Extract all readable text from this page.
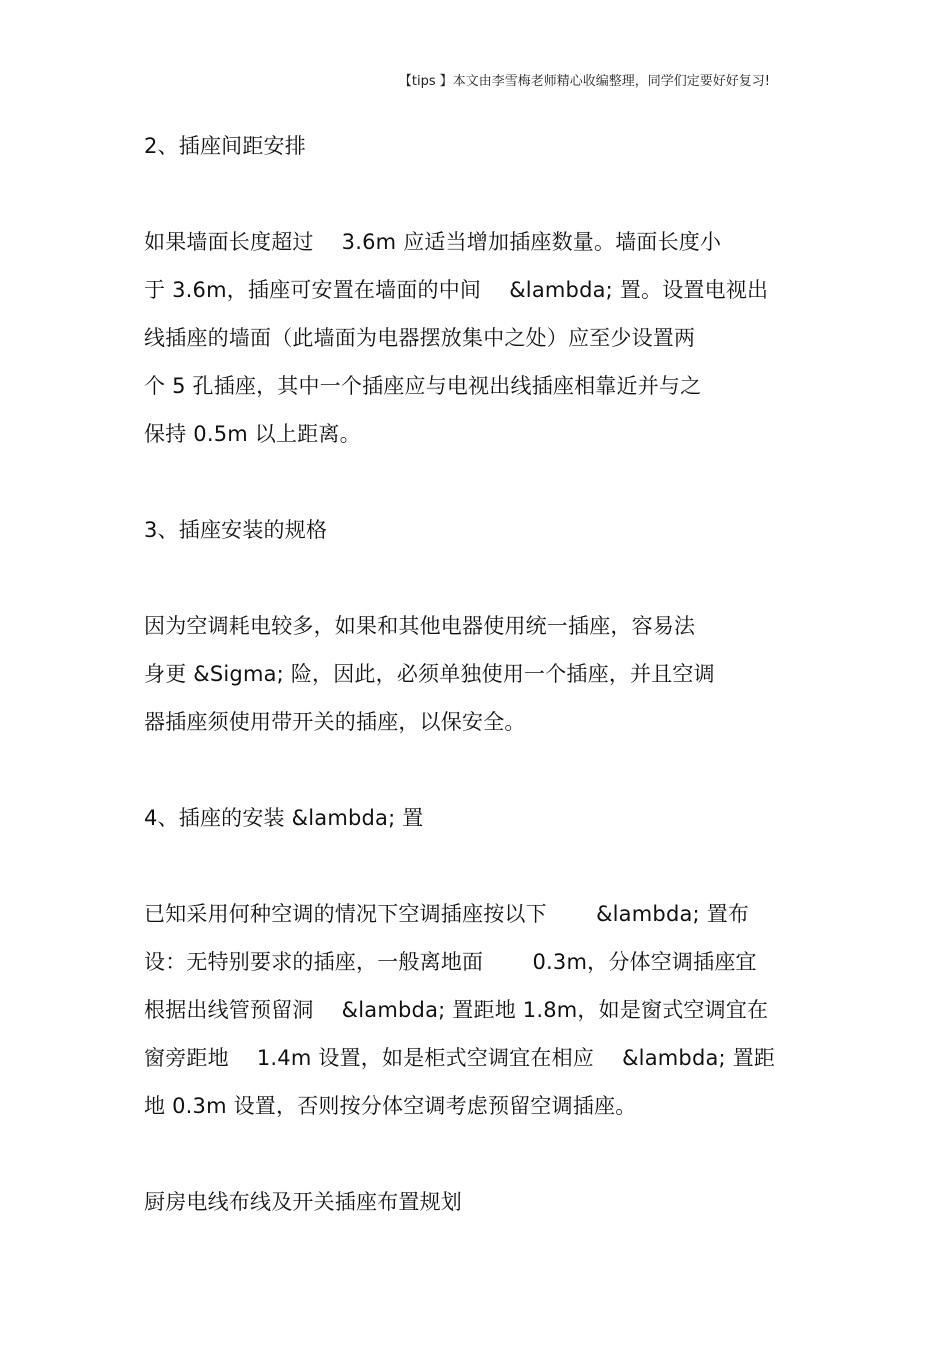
【tips 】本文由李雪梅老师精心收编整理，同学们定要好好复习!
2、插座间距安排
如果墙面长度超过　 3.6m 应适当增加插座数量。墙面长度小
于 3.6m，插座可安置在墙面的中间　 &lambda; 置。设置电视出
线插座的墙面（此墙面为电器摆放集中之处）应至少设置两
个 5 孔插座，其中一个插座应与电视出线插座相靠近并与之
保持 0.5m 以上距离。
3、插座安装的规格
因为空调耗电较多，如果和其他电器使用统一插座，容易法
身更 &Sigma; 险，因此，必须单独使用一个插座，并且空调
器插座须使用带开关的插座，以保安全。
4、插座的安装 &lambda; 置
已知采用何种空调的情况下空调插座按以下　　 &lambda; 置布
设：无特别要求的插座，一般离地面　　 0.3m，分体空调插座宜
根据出线管预留洞　 &lambda; 置距地 1.8m，如是窗式空调宜在
窗旁距地　 1.4m 设置，如是柜式空调宜在相应　 &lambda; 置距
地 0.3m 设置，否则按分体空调考虑预留空调插座。
厨房电线布线及开关插座布置规划
